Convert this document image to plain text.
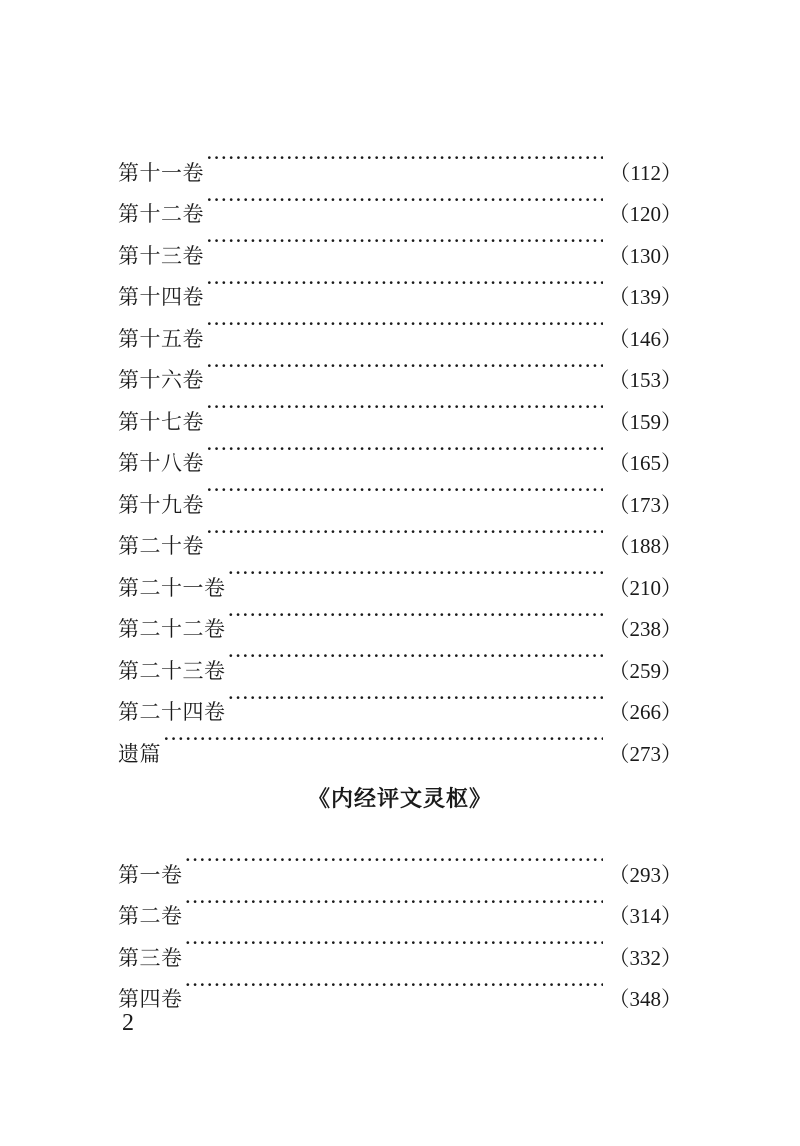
第十一卷 ·····	（112）
第十二卷 ·····	（120）
第十三卷 ·····	（130）
第十四卷 ·····	（139）
第十五卷 ·····	（146）
第十六卷 ·····	（153）
第十七卷 ·····	（159）
第十八卷 ·····	（165）
第十九卷 ·····	（173）
第二十卷 ·····	（188）
第二十一卷 ·····	（210）
第二十二卷 ·····	（238）
第二十三卷 ·····	（259）
第二十四卷 ·····	（266）
遗篇 ·····	（273）
《内经评文灵枢》
第一卷 ·····	（293）
第二卷 ·····	（314）
第三卷 ·····	（332）
第四卷 ·····	（348）
2
